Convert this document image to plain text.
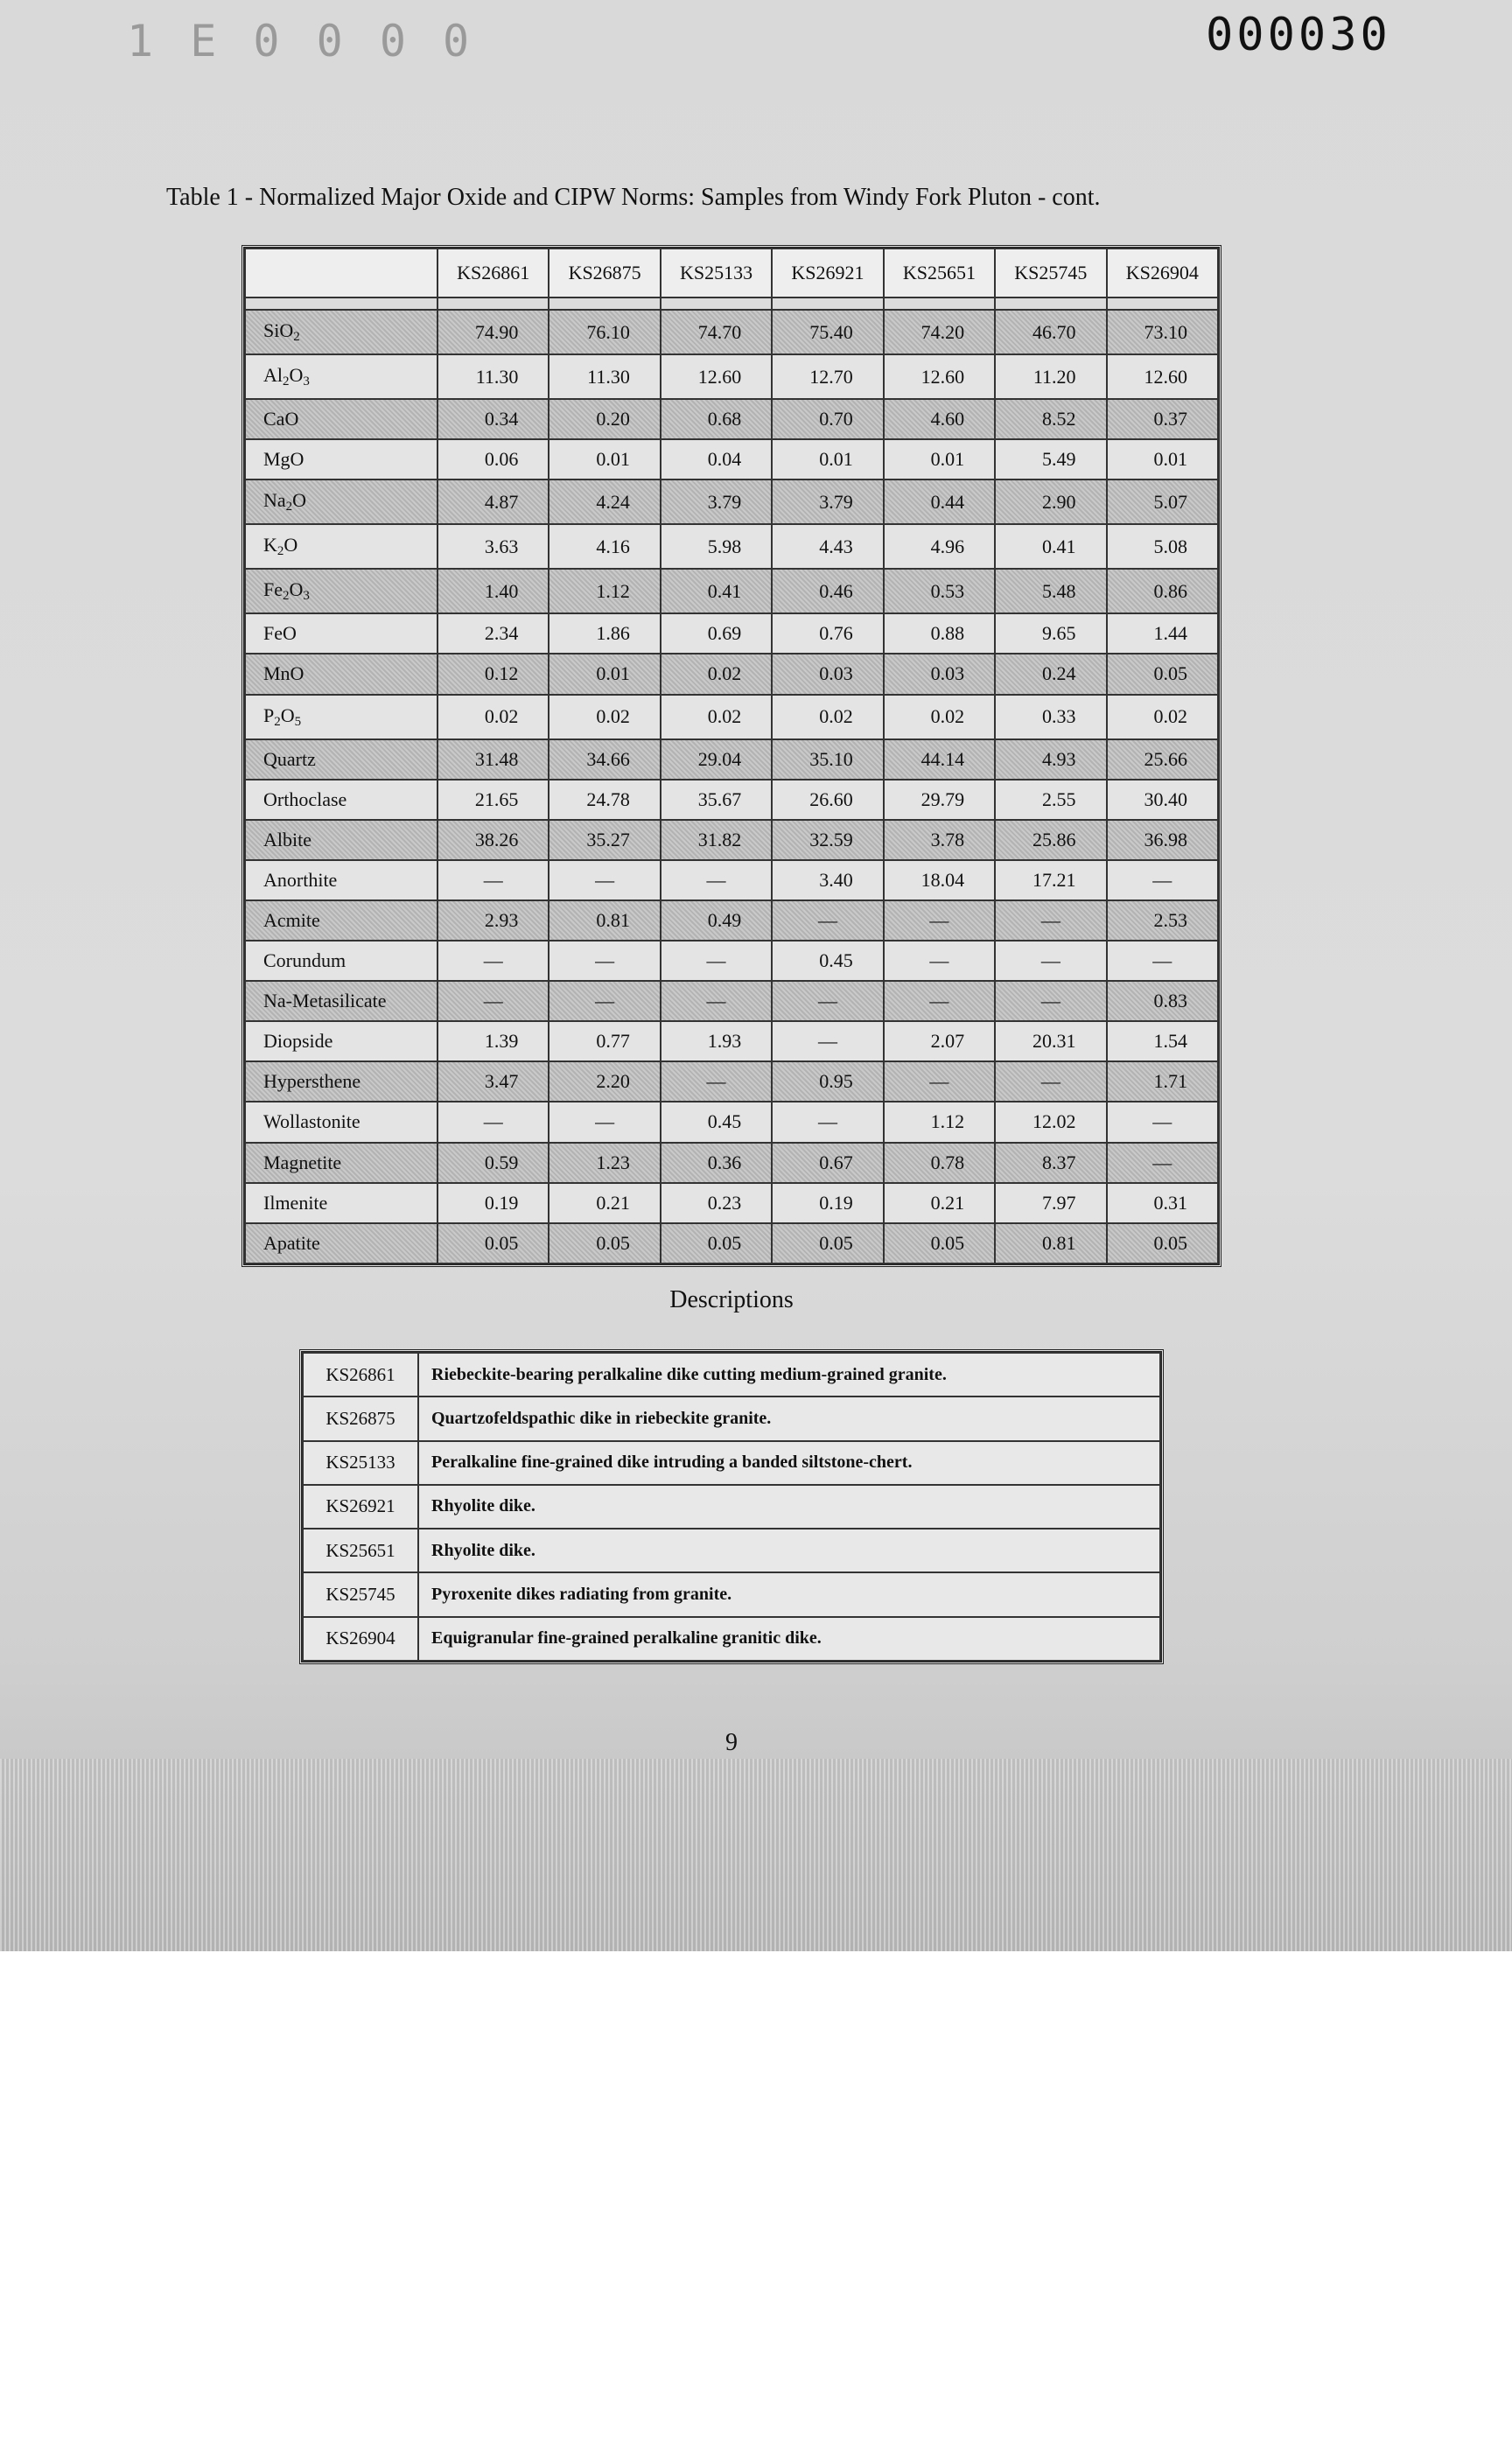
1 E 0 0 0 0	000030
Table 1 - Normalized Major Oxide and CIPW Norms: Samples from Windy Fork Pluton - cont.
	KS26861	KS26875	KS25133	KS26921	KS25651	KS25745	KS26904

SiO$_2$	74.90	76.10	74.70	75.40	74.20	46.70	73.10
$Al_2O_3$	11.30	11.30	12.60	12.70	12.60	11.20	12.60
CaO	0.34	0.20	0.68	0.70	4.60	8.52	0.37
MgO	0.06	0.01	0.04	0.01	0.01	5.49	0.01
$Na_2O$	4.87	4.24	3.79	3.79	0.44	2.90	5.07
$K_2O$	3.63	4.16	5.98	4.43	4.96	0.41	5.08
$Fe_2O_3$	1.40	1.12	0.41	0.46	0.53	5.48	0.86
FeO	2.34	1.86	0.69	0.76	0.88	9.65	1.44
MnO	0.12	0.01	0.02	0.03	0.03	0.24	0.05
$P_2O_5$	0.02	0.02	0.02	0.02	0.02	0.33	0.02
Quartz	31.48	34.66	29.04	35.10	44.14	4.93	25.66
Orthoclase	21.65	24.78	35.67	26.60	29.79	2.55	30.40
Albite	38.26	35.27	31.82	32.59	3.78	25.86	36.98
Anorthite	—	—	—	3.40	18.04	17.21	—
Acmite	2.93	0.81	0.49	—	—	—	2.53
Corundum	—	—	—	0.45	—	—	—
Na-Metasilicate	—	—	—	—	—	—	0.83
Diopside	1.39	0.77	1.93	—	2.07	20.31	1.54
Hypersthene	3.47	2.20	—	0.95	—	—	1.71
Wollastonite	—	—	0.45	—	1.12	12.02	—
Magnetite	0.59	1.23	0.36	0.67	0.78	8.37	—
Ilmenite	0.19	0.21	0.23	0.19	0.21	7.97	0.31
Apatite	0.05	0.05	0.05	0.05	0.05	0.81	0.05
Descriptions
KS26861	Riebeckite-bearing peralkaline dike cutting medium-grained granite.
KS26875	Quartzofeldspathic dike in riebeckite granite.
KS25133	Peralkaline fine-grained dike intruding a banded siltstone-chert.
KS26921	Rhyolite dike.
KS25651	Rhyolite dike.
KS25745	Pyroxenite dikes radiating from granite.
KS26904	Equigranular fine-grained peralkaline granitic dike.
9
